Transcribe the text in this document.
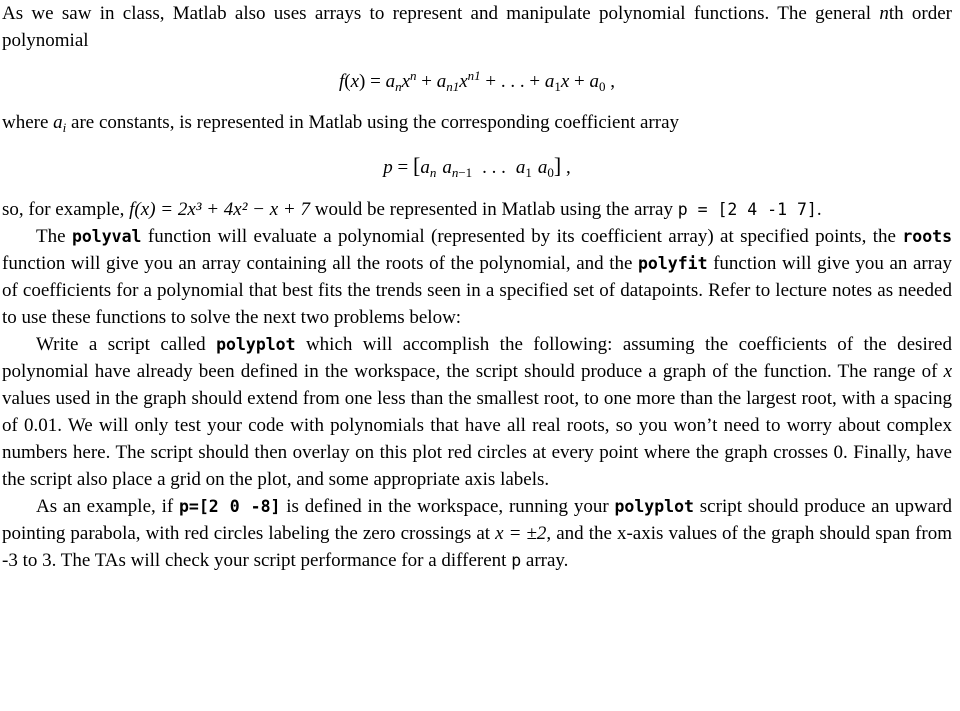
As we saw in class, Matlab also uses arrays to represent and manipulate polynomial functions. The general nth order polynomial

$f(x) = a_nx^n + a_{n1}x^{n1}$ + . . . + $a_1x + a_0$ ,

where $a_i$ are constants, is represented in Matlab using the corresponding coefficient array

$p = [a_n$ $a_{n-1}$ . . . $a_1$ $a_0$] ,

so, for example, f(x) = 2x³ + 4x² − x + 7 would be represented in Matlab using the array p = [2 4 -1 7].

The polyval function will evaluate a polynomial (represented by its coefficient array) at specified points, the roots function will give you an array containing all the roots of the polynomial, and the polyfit function will give you an array of coefficients for a polynomial that best fits the trends seen in a specified set of datapoints. Refer to lecture notes as needed to use these functions to solve the next two problems below:

Write a script called polyplot which will accomplish the following: assuming the coefficients of the desired polynomial have already been defined in the workspace, the script should produce a graph of the function. The range of x values used in the graph should extend from one less than the smallest root, to one more than the largest root, with a spacing of 0.01. We will only test your code with polynomials that have all real roots, so you won’t need to worry about complex numbers here. The script should then overlay on this plot red circles at every point where the graph crosses 0. Finally, have the script also place a grid on the plot, and some appropriate axis labels.

As an example, if p=[2 0 -8] is defined in the workspace, running your polyplot script should produce an upward pointing parabola, with red circles labeling the zero crossings at x = ±2, and the x-axis values of the graph should span from -3 to 3. The TAs will check your script performance for a different p array.
